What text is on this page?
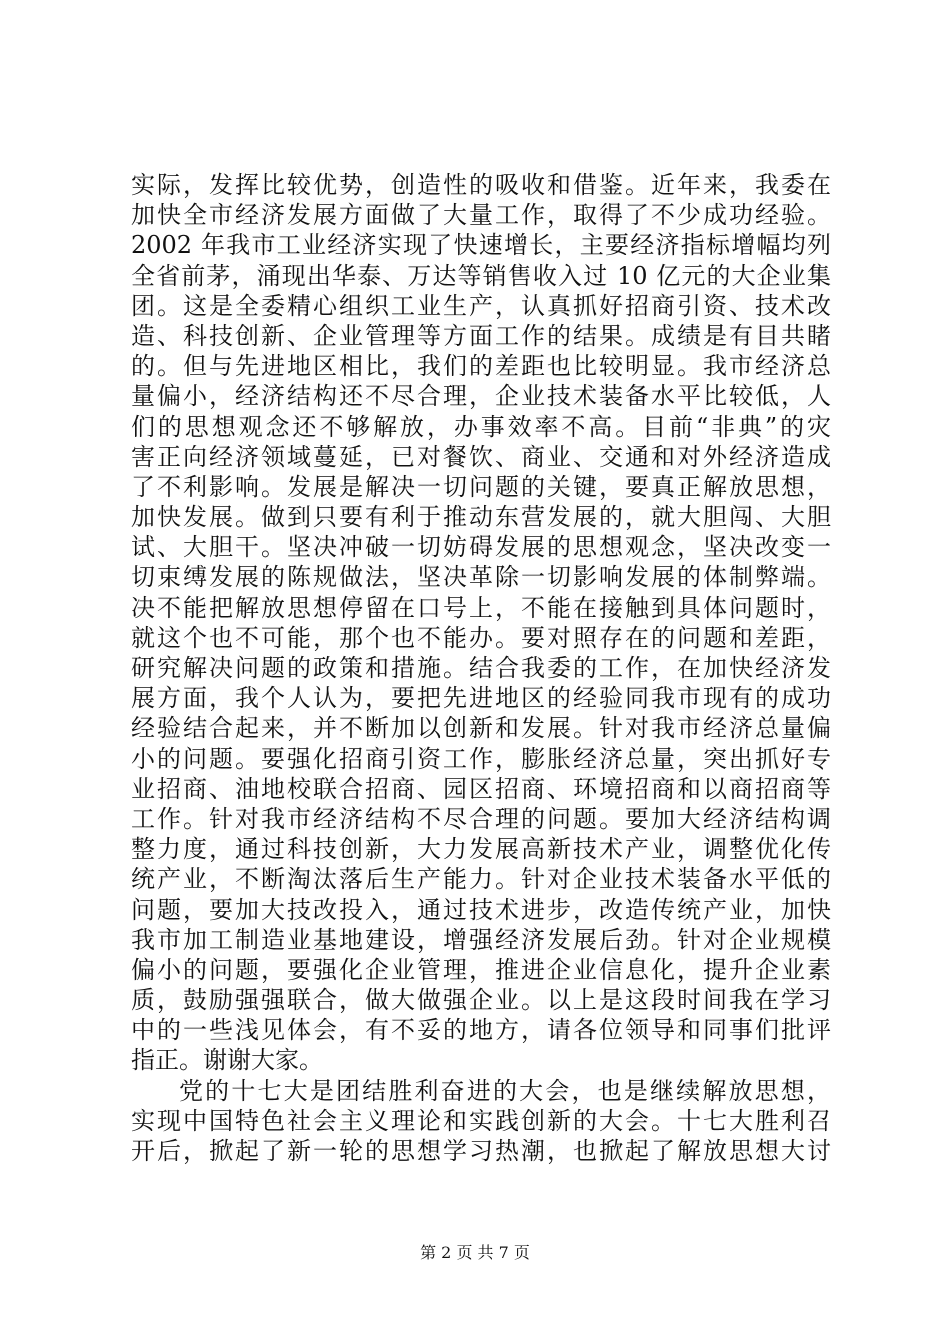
实际，发挥比较优势，创造性的吸收和借鉴。近年来，我委在
加快全市经济发展方面做了大量工作，取得了不少成功经验。
2002 年我市工业经济实现了快速增长，主要经济指标增幅均列
全省前茅，涌现出华泰、万达等销售收入过 10 亿元的大企业集
团。这是全委精心组织工业生产，认真抓好招商引资、技术改
造、科技创新、企业管理等方面工作的结果。成绩是有目共睹
的。但与先进地区相比，我们的差距也比较明显。我市经济总
量偏小，经济结构还不尽合理，企业技术装备水平比较低，人
们的思想观念还不够解放，办事效率不高。目前“非典”的灾
害正向经济领域蔓延，已对餐饮、商业、交通和对外经济造成
了不利影响。发展是解决一切问题的关键，要真正解放思想，
加快发展。做到只要有利于推动东营发展的，就大胆闯、大胆
试、大胆干。坚决冲破一切妨碍发展的思想观念，坚决改变一
切束缚发展的陈规做法，坚决革除一切影响发展的体制弊端。
决不能把解放思想停留在口号上，不能在接触到具体问题时，
就这个也不可能，那个也不能办。要对照存在的问题和差距，
研究解决问题的政策和措施。结合我委的工作，在加快经济发
展方面，我个人认为，要把先进地区的经验同我市现有的成功
经验结合起来，并不断加以创新和发展。针对我市经济总量偏
小的问题。要强化招商引资工作，膨胀经济总量，突出抓好专
业招商、油地校联合招商、园区招商、环境招商和以商招商等
工作。针对我市经济结构不尽合理的问题。要加大经济结构调
整力度，通过科技创新，大力发展高新技术产业，调整优化传
统产业，不断淘汰落后生产能力。针对企业技术装备水平低的
问题，要加大技改投入，通过技术进步，改造传统产业，加快
我市加工制造业基地建设，增强经济发展后劲。针对企业规模
偏小的问题，要强化企业管理，推进企业信息化，提升企业素
质，鼓励强强联合，做大做强企业。以上是这段时间我在学习
中的一些浅见体会，有不妥的地方，请各位领导和同事们批评
指正。谢谢大家。
党的十七大是团结胜利奋进的大会，也是继续解放思想，
实现中国特色社会主义理论和实践创新的大会。十七大胜利召
开后，掀起了新一轮的思想学习热潮，也掀起了解放思想大讨
第 2 页 共 7 页
